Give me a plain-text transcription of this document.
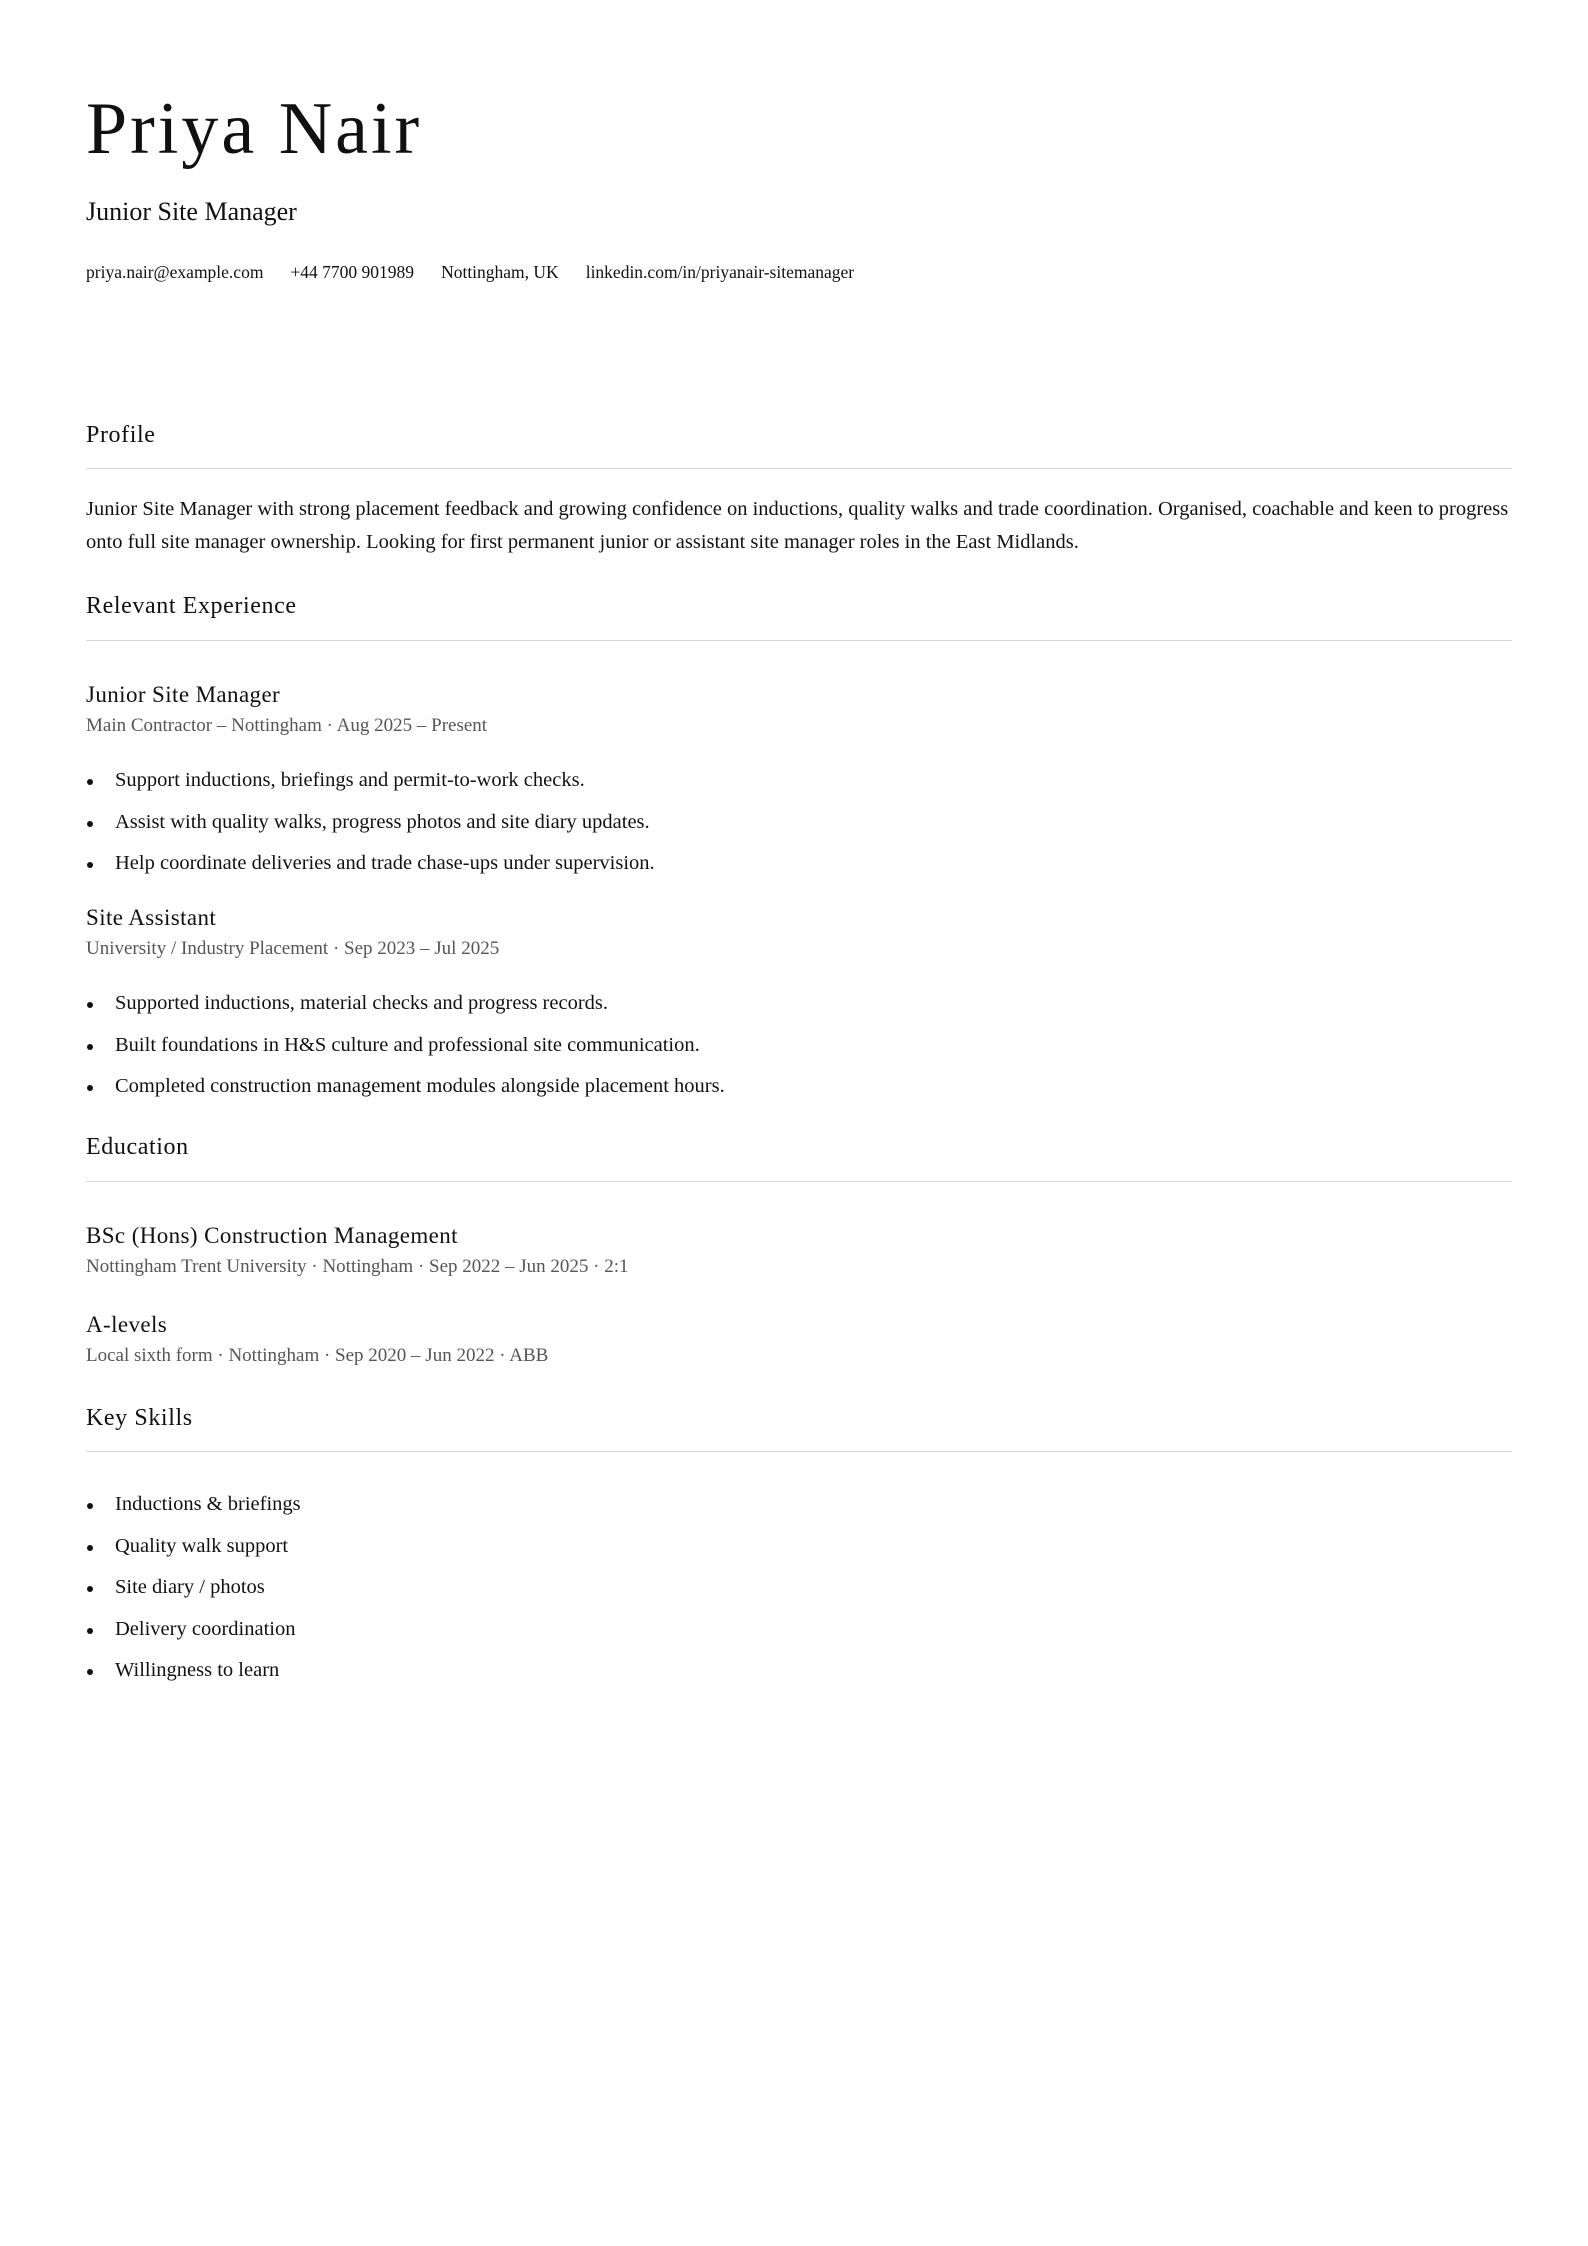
Priya Nair
Junior Site Manager
priya.nair@example.com +44 7700 901989 Nottingham, UK linkedin.com/in/priyanair-sitemanager
Profile

Junior Site Manager with strong placement feedback and growing confidence on inductions, quality walks and trade coordination. Organised, coachable and keen to progress onto full site manager ownership. Looking for first permanent junior or assistant site manager roles in the East Midlands.

Relevant Experience
Junior Site Manager
Main Contractor – Nottingham · Aug 2025 – Present
Support inductions, briefings and permit-to-work checks.
Assist with quality walks, progress photos and site diary updates.
Help coordinate deliveries and trade chase-ups under supervision.
Site Assistant
University / Industry Placement · Sep 2023 – Jul 2025
Supported inductions, material checks and progress records.
Built foundations in H&S culture and professional site communication.
Completed construction management modules alongside placement hours.
Education
BSc (Hons) Construction Management
Nottingham Trent University · Nottingham · Sep 2022 – Jun 2025 · 2:1
A-levels
Local sixth form · Nottingham · Sep 2020 – Jun 2022 · ABB
Key Skills
Inductions & briefings
Quality walk support
Site diary / photos
Delivery coordination
Willingness to learn
